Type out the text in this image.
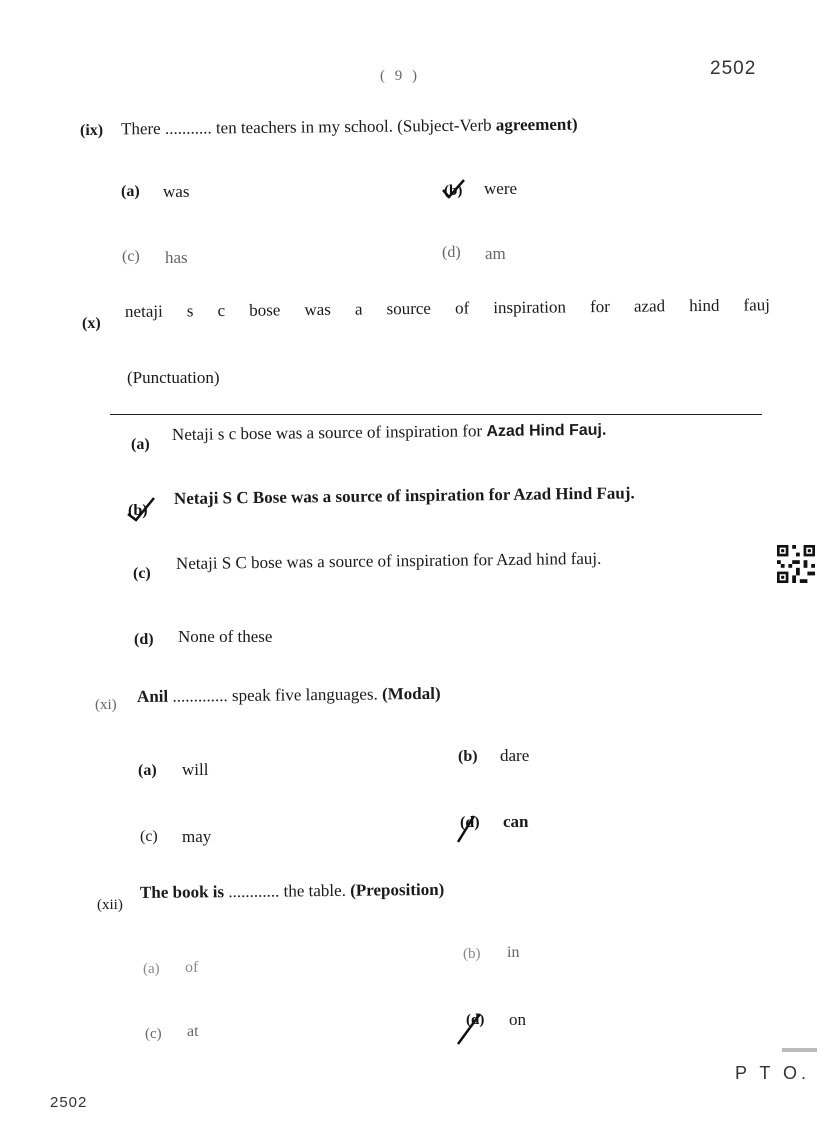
( 9 )	2502
(ix) There ........... ten teachers in my school. (Subject-Verb agreement)
(a) was	(b) were
(c) has	(d) am
(x)
netaji s c bose was a source of inspiration for azad hind fauj
(Punctuation)
(a)
Netaji s c bose was a source of inspiration for Azad Hind Fauj.
(b)
Netaji S C Bose was a source of inspiration for Azad Hind Fauj.
(c)
Netaji S C bose was a source of inspiration for Azad hind fauj.
(d) None of these
(xi) Anil ............. speak five languages. (Modal)
(a) will
(b) dare
(c) may
(d) can
(xii)
The book is ............ the table. (Preposition)
(a) of
(b) in
(c) at
(d) on
P T O.
2502
